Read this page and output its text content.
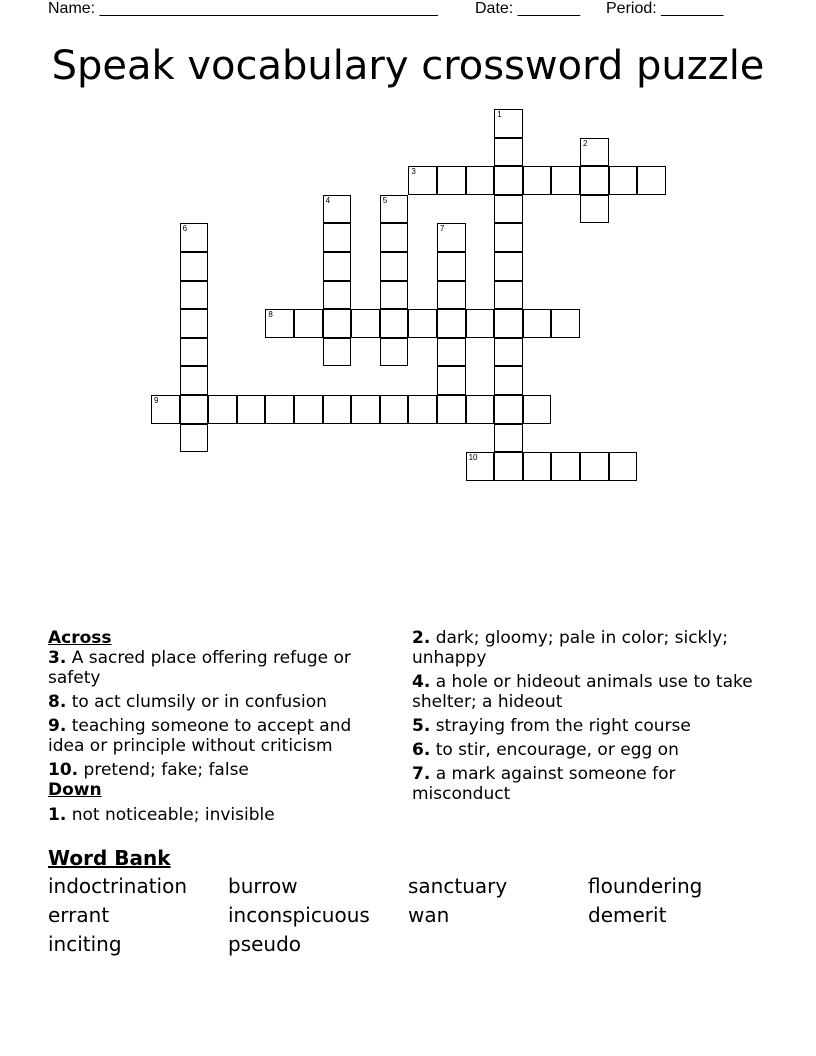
Name: ______________________________________ Date: _______ Period: _______
Speak vocabulary crossword puzzle
1
2
3
4	5
6	7
8
9
10
Across
3. A sacred place offering refuge or safety
8. to act clumsily or in confusion
9. teaching someone to accept and idea or principle without criticism
10. pretend; fake; false
Down
1. not noticeable; invisible
2. dark; gloomy; pale in color; sickly; unhappy
4. a hole or hideout animals use to take shelter; a hideout
5. straying from the right course
6. to stir, encourage, or egg on
7. a mark against someone for misconduct
Word Bank
indoctrination	burrow	sanctuary	floundering
errant	inconspicuous	wan	demerit
inciting	pseudo
